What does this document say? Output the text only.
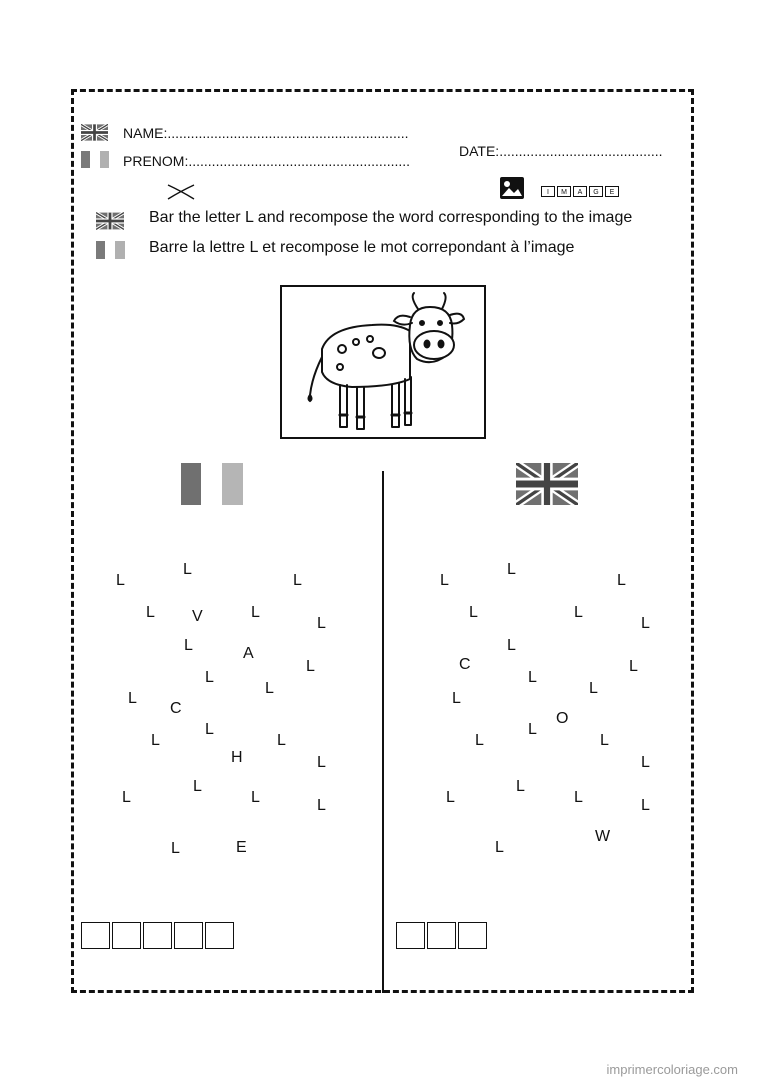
NAME:..............................................................
PRENOM:.........................................................
DATE:..........................................
I	M	A	G	E
Bar the letter L and recompose the word corresponding to the image
Barre la lettre L et recompose le mot correpondant à l’image
L
L
L
L V	L
L
L	A
L
L
L
L
C
L
L
H
L
L
L
L	L	L
E
L
L
L
L
L	L
L
L
C	L
L
L
L
O
L
L	L
L
L
L	L	L
W
L
imprimercoloriage.com
